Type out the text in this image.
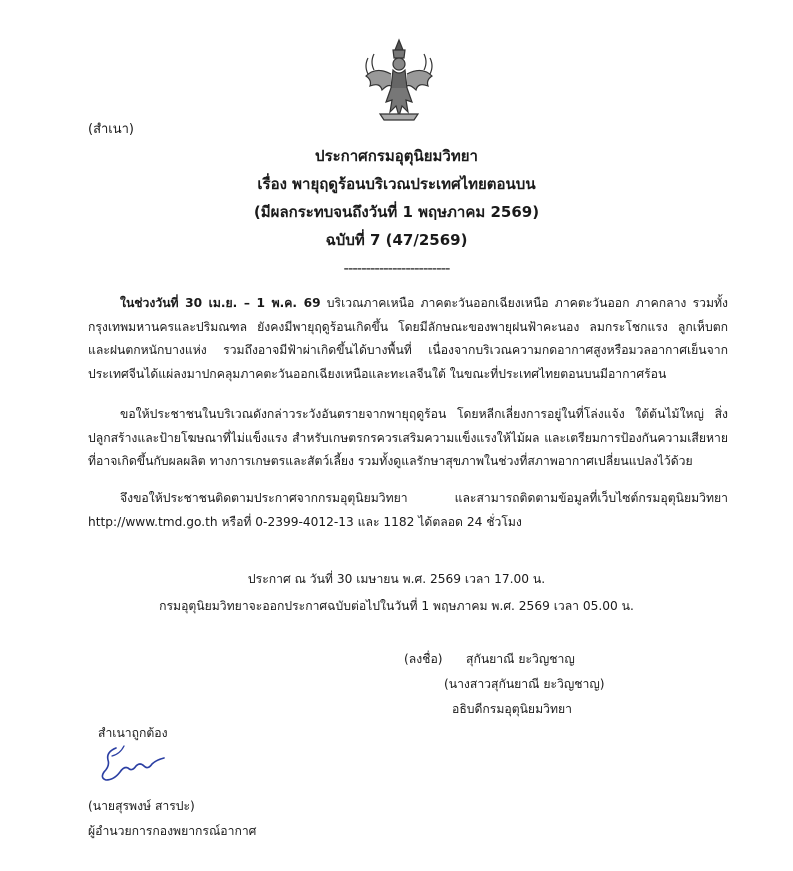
(สำเนา)
ประกาศกรมอุตุนิยมวิทยา
เรื่อง พายุฤดูร้อนบริเวณประเทศไทยตอนบน
(มีผลกระทบจนถึงวันที่ 1 พฤษภาคม 2569)
ฉบับที่ 7 (47/2569)
------------------------
ในช่วงวันที่ 30 เม.ย. – 1 พ.ค. 69 บริเวณภาคเหนือ ภาคตะวันออกเฉียงเหนือ ภาคตะวันออก ภาคกลาง รวมทั้งกรุงเทพมหานครและปริมณฑล ยังคงมีพายุฤดูร้อนเกิดขึ้น โดยมีลักษณะของพายุฝนฟ้าคะนอง ลมกระโชกแรง ลูกเห็บตก และฝนตกหนักบางแห่ง รวมถึงอาจมีฟ้าผ่าเกิดขึ้นได้บางพื้นที่ เนื่องจากบริเวณความกดอากาศสูงหรือมวลอากาศเย็นจากประเทศจีนได้แผ่ลงมาปกคลุมภาคตะวันออกเฉียงเหนือและทะเลจีนใต้ ในขณะที่ประเทศไทยตอนบนมีอากาศร้อน
ขอให้ประชาชนในบริเวณดังกล่าวระวังอันตรายจากพายุฤดูร้อน โดยหลีกเลี่ยงการอยู่ในที่โล่งแจ้ง ใต้ต้นไม้ใหญ่ สิ่งปลูกสร้างและป้ายโฆษณาที่ไม่แข็งแรง สำหรับเกษตรกรควรเสริมความแข็งแรงให้ไม้ผล และเตรียมการป้องกันความเสียหายที่อาจเกิดขึ้นกับผลผลิต ทางการเกษตรและสัตว์เลี้ยง รวมทั้งดูแลรักษาสุขภาพในช่วงที่สภาพอากาศเปลี่ยนแปลงไว้ด้วย
จึงขอให้ประชาชนติดตามประกาศจากกรมอุตุนิยมวิทยา และสามารถติดตามข้อมูลที่เว็บไซต์กรมอุตุนิยมวิทยา http://www.tmd.go.th หรือที่ 0-2399-4012-13 และ 1182 ได้ตลอด 24 ชั่วโมง
ประกาศ ณ วันที่ 30 เมษายน พ.ศ. 2569 เวลา 17.00 น.
กรมอุตุนิยมวิทยาจะออกประกาศฉบับต่อไปในวันที่ 1 พฤษภาคม พ.ศ. 2569 เวลา 05.00 น.
(ลงชื่อ) สุกันยาณี ยะวิญชาญ
(นางสาวสุกันยาณี ยะวิญชาญ)
อธิบดีกรมอุตุนิยมวิทยา
สำเนาถูกต้อง
(นายสุรพงษ์ สารปะ)
ผู้อำนวยการกองพยากรณ์อากาศ
